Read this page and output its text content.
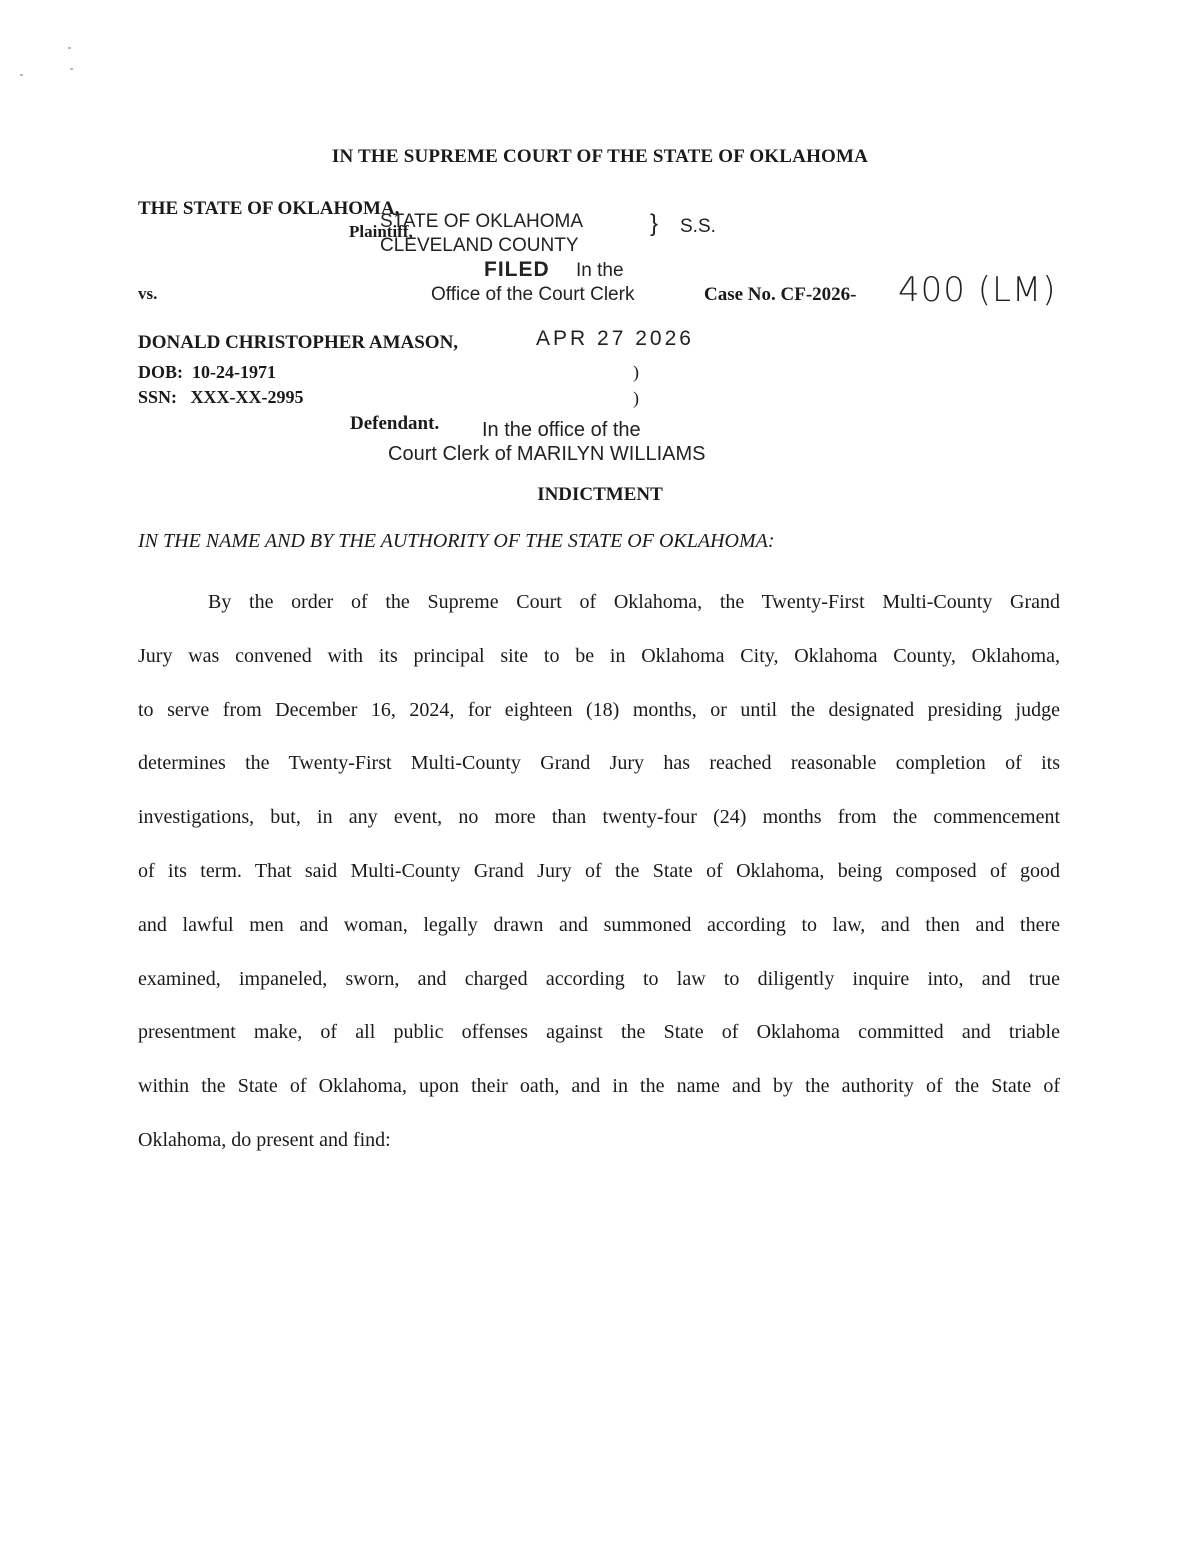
IN THE SUPREME COURT OF THE STATE OF OKLAHOMA
THE STATE OF OKLAHOMA,
Plaintiff,
STATE OF OKLAHOMA	} S.S.
CLEVELAND COUNTY
FILED In the
vs.	Office of the Court Clerk	Case No. CF-2026- 400 (LM)
DONALD CHRISTOPHER AMASON,	APR 27 2026
DOB: 10-24-1971	)
SSN: XXX-XX-2995	)
Defendant. In the office of the
Court Clerk of MARILYN WILLIAMS
INDICTMENT
IN THE NAME AND BY THE AUTHORITY OF THE STATE OF OKLAHOMA:
By the order of the Supreme Court of Oklahoma, the Twenty-First Multi-County Grand
Jury was convened with its principal site to be in Oklahoma City, Oklahoma County, Oklahoma,
to serve from December 16, 2024, for eighteen (18) months, or until the designated presiding judge
determines the Twenty-First Multi-County Grand Jury has reached reasonable completion of its
investigations, but, in any event, no more than twenty-four (24) months from the commencement
of its term. That said Multi-County Grand Jury of the State of Oklahoma, being composed of good
and lawful men and woman, legally drawn and summoned according to law, and then and there
examined, impaneled, sworn, and charged according to law to diligently inquire into, and true
presentment make, of all public offenses against the State of Oklahoma committed and triable
within the State of Oklahoma, upon their oath, and in the name and by the authority of the State of
Oklahoma, do present and find:
